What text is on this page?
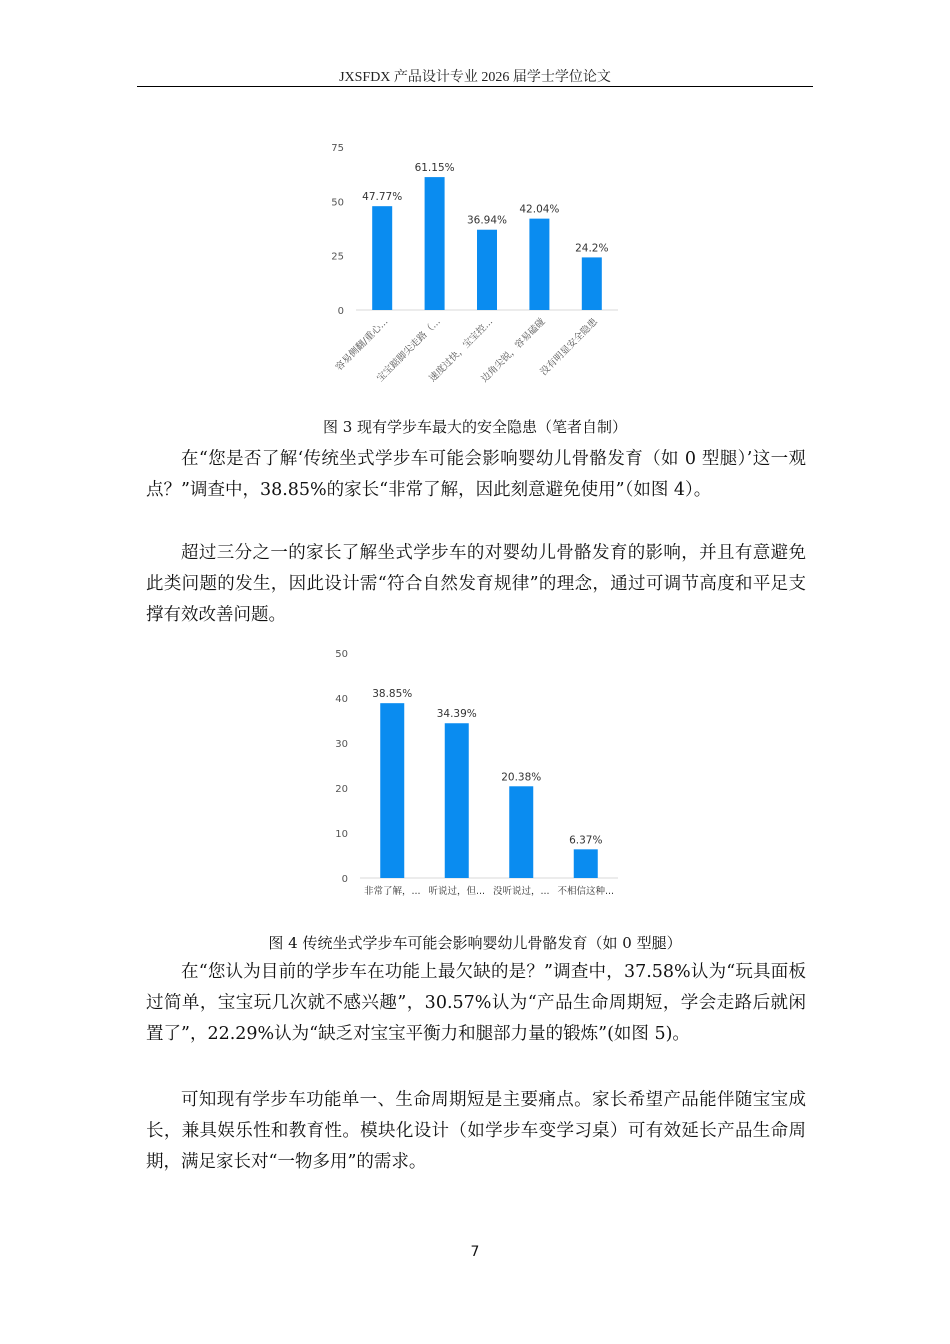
JXSFDX 产品设计专业 2026 届学士学位论文
0
25
50
75
47.77%
容易侧翻/重心...
61.15%
宝宝踮脚尖走路（...
36.94%
速度过快，宝宝控...
42.04%
边角尖锐，容易磕碰
24.2%
没有明显安全隐患
图 3 现有学步车最大的安全隐患（笔者自制）

在“您是否了解‘传统坐式学步车可能会影响婴幼儿骨骼发育（如 0 型腿）’这一观点？”调查中，38.85%的家长“非常了解，因此刻意避免使用”（如图 4）。

超过三分之一的家长了解坐式学步车的对婴幼儿骨骼发育的影响，并且有意避免此类问题的发生，因此设计需“符合自然发育规律”的理念，通过可调节高度和平足支撑有效改善问题。

0
10
20
30
40
50
38.85%
非常了解，...
34.39%
听说过，但...
20.38%
没听说过，...
6.37%
不相信这种...
图 4 传统坐式学步车可能会影响婴幼儿骨骼发育（如 0 型腿）

在“您认为目前的学步车在功能上最欠缺的是？”调查中，37.58%认为“玩具面板过简单，宝宝玩几次就不感兴趣”，30.57%认为“产品生命周期短，学会走路后就闲置了”，22.29%认为“缺乏对宝宝平衡力和腿部力量的锻炼”(如图 5)。

可知现有学步车功能单一、生命周期短是主要痛点。家长希望产品能伴随宝宝成长，兼具娱乐性和教育性。模块化设计（如学步车变学习桌）可有效延长产品生命周期，满足家长对“一物多用”的需求。

7
